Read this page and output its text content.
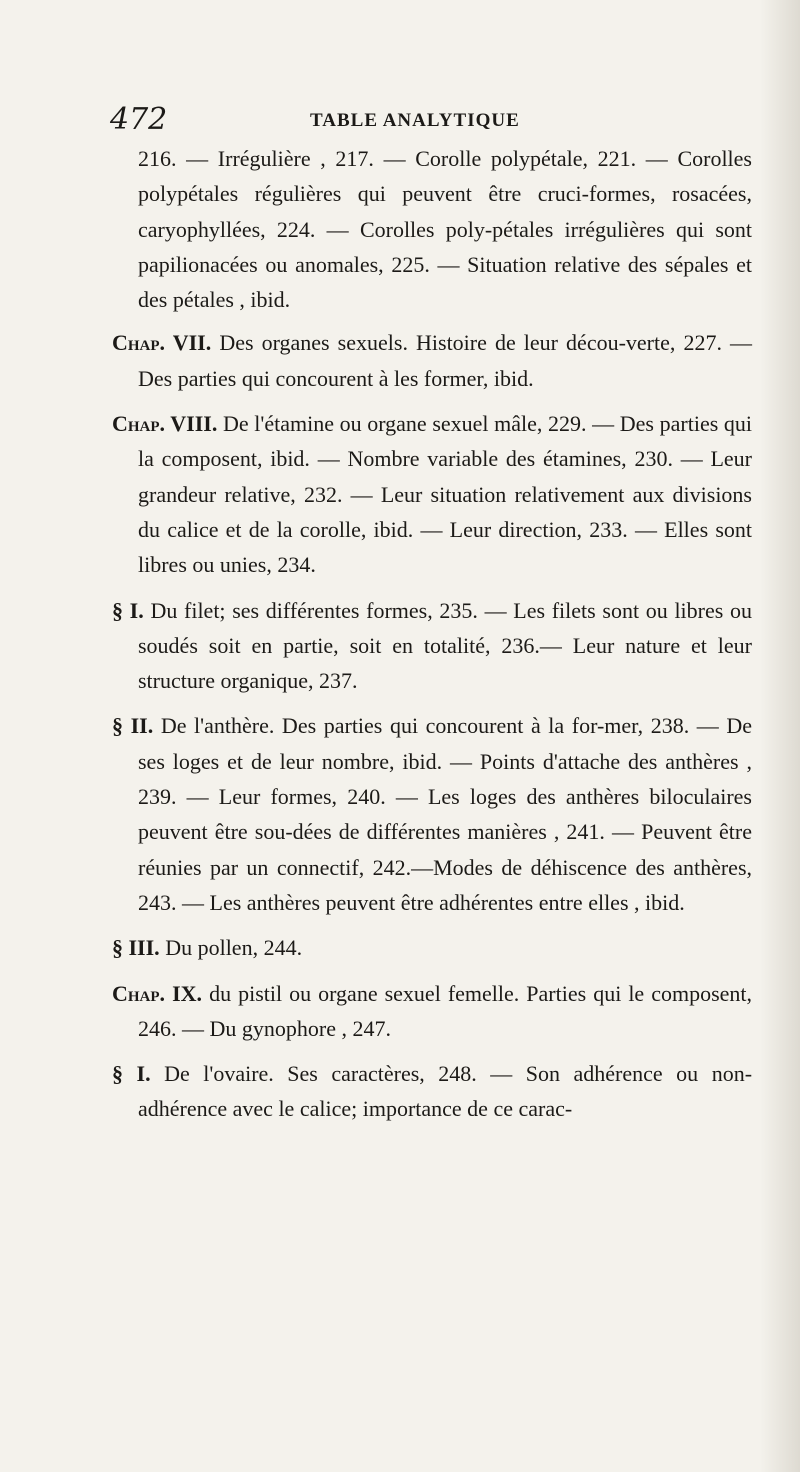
472	TABLE ANALYTIQUE

216. — Irrégulière , 217. — Corolle polypétale, 221. — Corolles polypétales régulières qui peuvent être cruci-formes, rosacées, caryophyllées, 224. — Corolles poly-pétales irrégulières qui sont papilionacées ou anomales, 225. — Situation relative des sépales et des pétales , ibid.

Chap. VII. Des organes sexuels. Histoire de leur décou-verte, 227. — Des parties qui concourent à les former, ibid.

Chap. VIII. De l'étamine ou organe sexuel mâle, 229. — Des parties qui la composent, ibid. — Nombre variable des étamines, 230. — Leur grandeur relative, 232. — Leur situation relativement aux divisions du calice et de la corolle, ibid. — Leur direction, 233. — Elles sont libres ou unies, 234.

§ I. Du filet; ses différentes formes, 235. — Les filets sont ou libres ou soudés soit en partie, soit en totalité, 236.— Leur nature et leur structure organique, 237.

§ II. De l'anthère. Des parties qui concourent à la for-mer, 238. — De ses loges et de leur nombre, ibid. — Points d'attache des anthères , 239. — Leur formes, 240. — Les loges des anthères biloculaires peuvent être sou-dées de différentes manières , 241. — Peuvent être réunies par un connectif, 242.—Modes de déhiscence des anthères, 243. — Les anthères peuvent être adhérentes entre elles , ibid.

§ III. Du pollen, 244.

Chap. IX. du pistil ou organe sexuel femelle. Parties qui le composent, 246. — Du gynophore , 247.

§ I. De l'ovaire. Ses caractères, 248. — Son adhérence ou non-adhérence avec le calice; importance de ce carac-
